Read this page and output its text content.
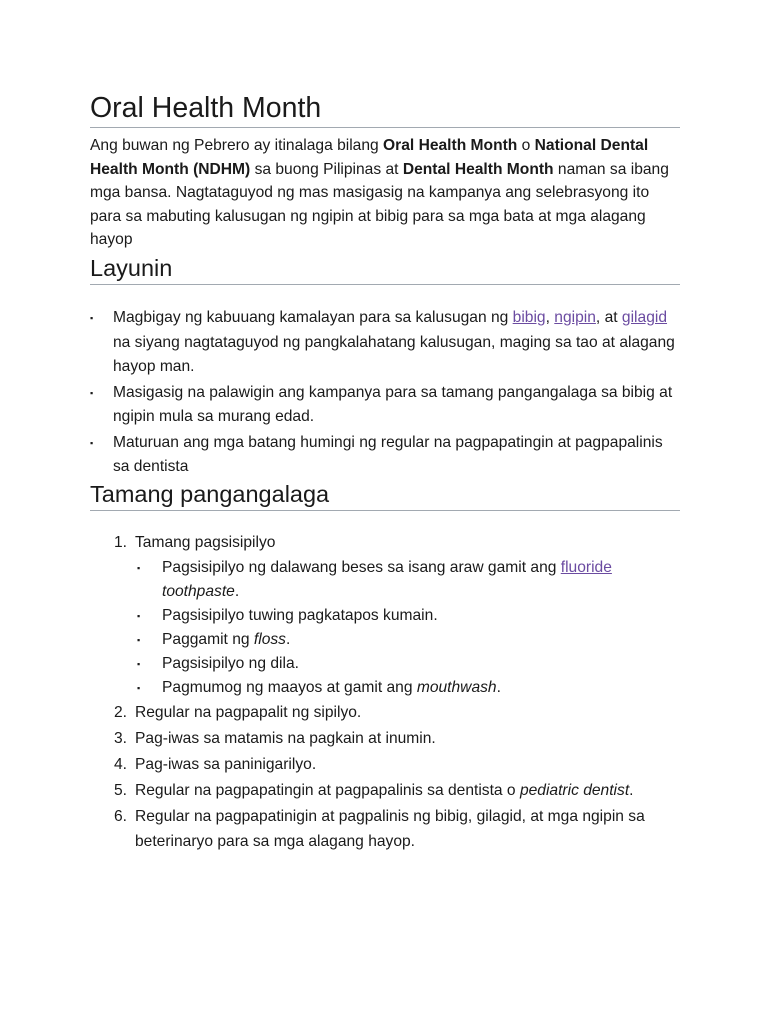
Oral Health Month

Ang buwan ng Pebrero ay itinalaga bilang Oral Health Month o National Dental Health Month (NDHM) sa buong Pilipinas at Dental Health Month naman sa ibang mga bansa. Nagtataguyod ng mas masigasig na kampanya ang selebrasyong ito para sa mabuting kalusugan ng ngipin at bibig para sa mga bata at mga alagang hayop

Layunin
▪ Magbigay ng kabuuang kamalayan para sa kalusugan ng bibig, ngipin, at gilagid na siyang nagtataguyod ng pangkalahatang kalusugan, maging sa tao at alagang hayop man.
▪ Masigasig na palawigin ang kampanya para sa tamang pangangalaga sa bibig at ngipin mula sa murang edad.
▪ Maturuan ang mga batang humingi ng regular na pagpapatingin at pagpapalinis sa dentista
Tamang pangangalaga
1. Tamang pagsisipilyo
▪ Pagsisipilyo ng dalawang beses sa isang araw gamit ang fluoride toothpaste.
▪ Pagsisipilyo tuwing pagkatapos kumain.
▪ Paggamit ng floss.
▪ Pagsisipilyo ng dila.
▪ Pagmumog ng maayos at gamit ang mouthwash.
2. Regular na pagpapalit ng sipilyo.
3. Pag-iwas sa matamis na pagkain at inumin.
4. Pag-iwas sa paninigarilyo.
5. Regular na pagpapatingin at pagpapalinis sa dentista o pediatric dentist.
6. Regular na pagpapatinigin at pagpalinis ng bibig, gilagid, at mga ngipin sa beterinaryo para sa mga alagang hayop.
